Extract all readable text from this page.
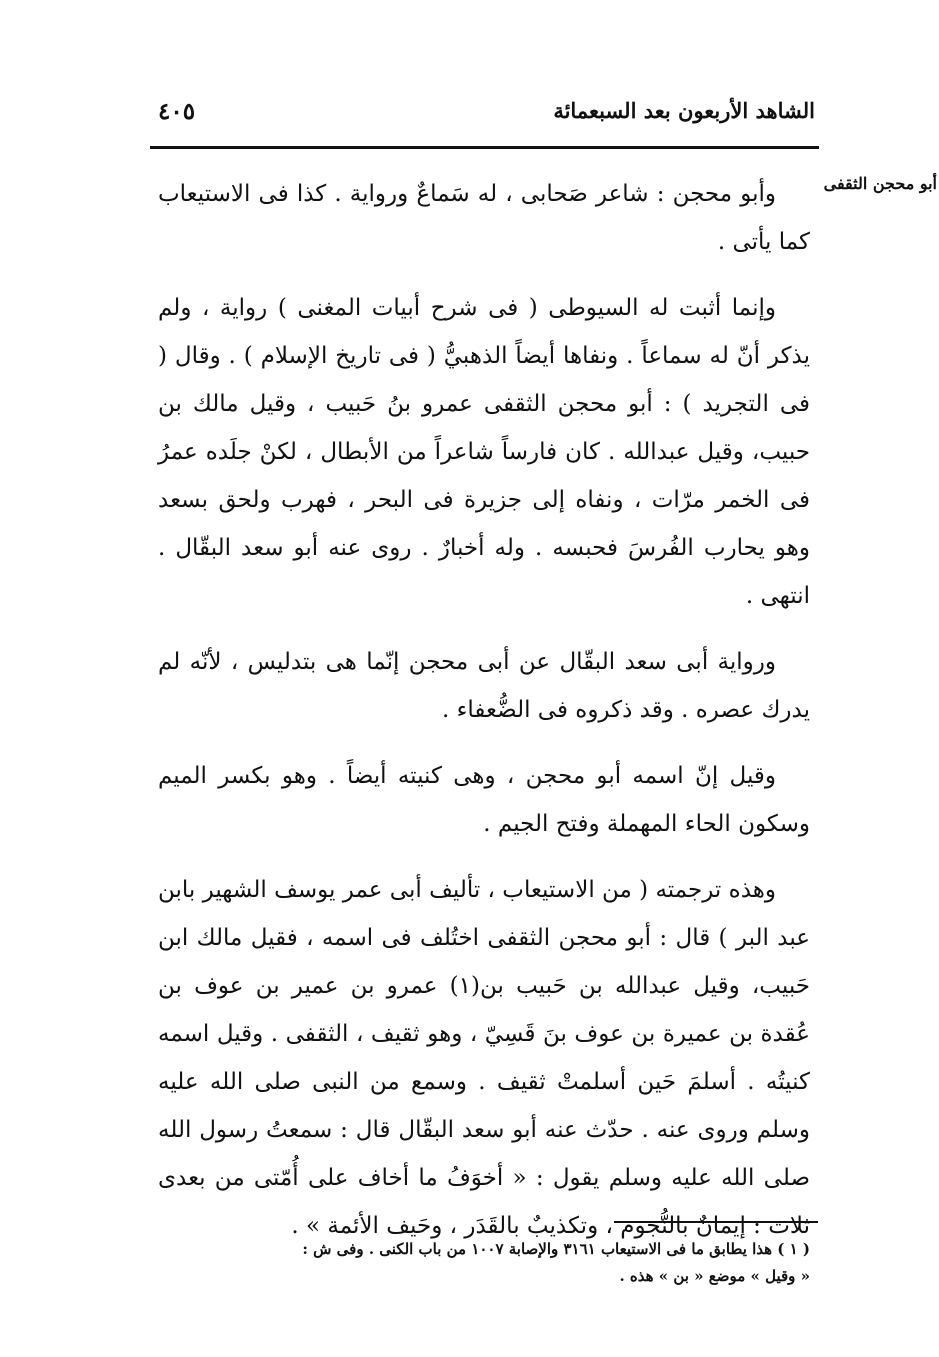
الشاهد الأربعون بعد السبعمائة
٤٠٥
أبو محجن الثقفى

وأبو محجن : شاعر صَحابى ، له سَماعٌ ورواية . كذا فى الاستيعاب كما يأتى .

وإنما أثبت له السيوطى ( فى شرح أبيات المغنى ) رواية ، ولم يذكر أنّ له سماعاً . ونفاها أيضاً الذهبيُّ ( فى تاريخ الإسلام ) . وقال ( فى التجريد ) : أبو محجن الثقفى عمرو بنُ حَبيب ، وقيل مالك بن حبيب، وقيل عبدالله . كان فارساً شاعراً من الأبطال ، لكنْ جلَده عمرُ فى الخمر مرّات ، ونفاه إلى جزيرة فى البحر ، فهرب ولحق بسعد وهو يحارب الفُرسَ فحبسه . وله أخبارٌ . روى عنه أبو سعد البقّال . انتهى .

ورواية أبى سعد البقّال عن أبى محجن إنّما هى بتدليس ، لأنّه لم يدرك عصره . وقد ذكروه فى الضُّعفاء .

وقيل إنّ اسمه أبو محجن ، وهى كنيته أيضاً . وهو بكسر الميم وسكون الحاء المهملة وفتح الجيم .

وهذه ترجمته ( من الاستيعاب ، تأليف أبى عمر يوسف الشهير بابن عبد البر ) قال : أبو محجن الثقفى اختُلف فى اسمه ، فقيل مالك ابن حَبيب، وقيل عبدالله بن حَبيب بن(١) عمرو بن عمير بن عوف بن عُقدة بن عميرة بن عوف بنَ قَسِيّ ، وهو ثقيف ، الثقفى . وقيل اسمه كنيتُه . أسلمَ حَين أسلمتْ ثقيف . وسمع من النبى صلى الله عليه وسلم وروى عنه . حدّث عنه أبو سعد البقّال قال : سمعتُ رسول الله صلى الله عليه وسلم يقول : « أخوَفُ ما أخاف على أُمّتى من بعدى ثلاث : إيمانٌ بالنُّجوم ، وتكذيبٌ بالقَدَر ، وحَيف الأئمة » .

( ١ ) هذا يطابق ما فى الاستيعاب ٣١٦١ والإصابة ١٠٠٧ من باب الكنى . وفى ش :

« وقيل » موضع « بن » هذه .
